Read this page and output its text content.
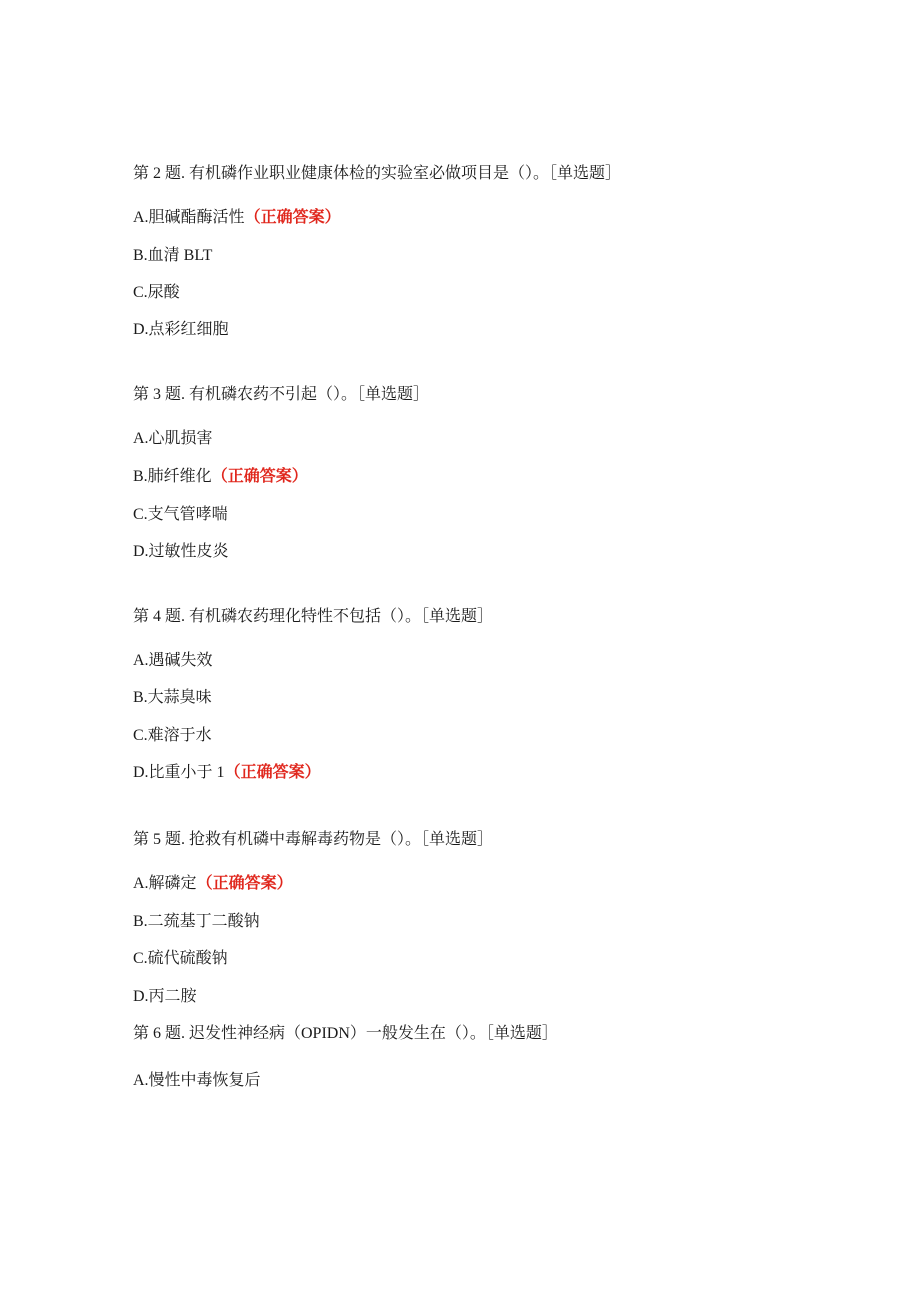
第 2 题. 有机磷作业职业健康体检的实验室必做项目是（）。［单选题］
A.胆碱酯酶活性（正确答案）
B.血清 BLT
C.尿酸
D.点彩红细胞
第 3 题. 有机磷农药不引起（）。［单选题］
A.心肌损害
B.肺纤维化（正确答案）
C.支气管哮喘
D.过敏性皮炎
第 4 题. 有机磷农药理化特性不包括（）。［单选题］
A.遇碱失效
B.大蒜臭味
C.难溶于水
D.比重小于 1（正确答案）
第 5 题. 抢救有机磷中毒解毒药物是（）。［单选题］
A.解磷定（正确答案）
B.二巯基丁二酸钠
C.硫代硫酸钠
D.丙二胺
第 6 题. 迟发性神经病（OPIDN）一般发生在（）。［单选题］
A.慢性中毒恢复后
